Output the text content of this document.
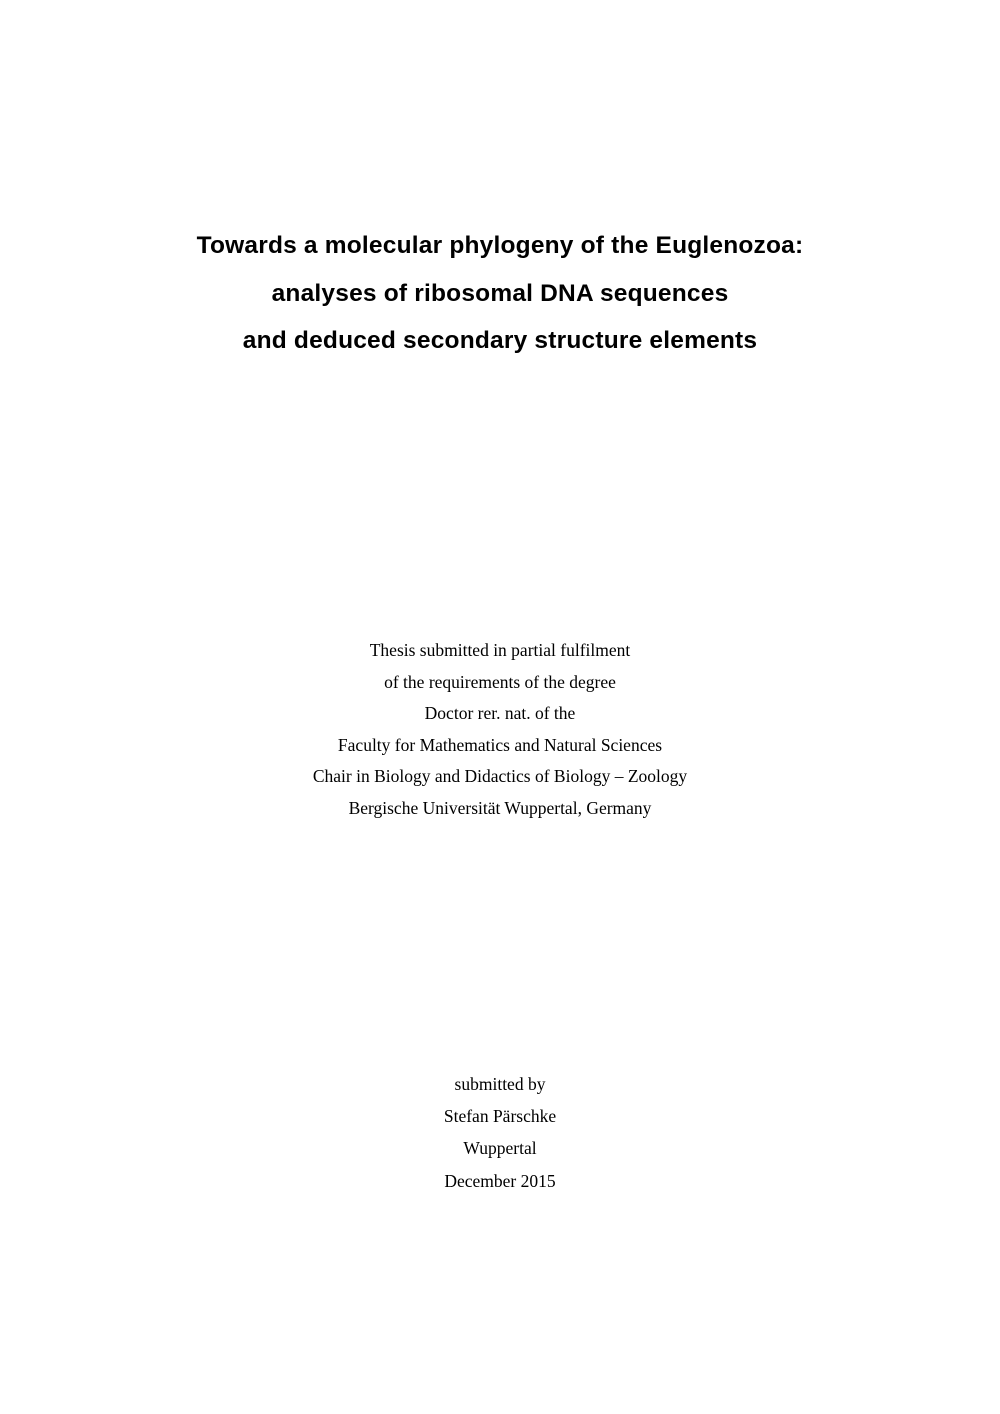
Towards a molecular phylogeny of the Euglenozoa:
analyses of ribosomal DNA sequences
and deduced secondary structure elements
Thesis submitted in partial fulfilment
of the requirements of the degree
Doctor rer. nat. of the
Faculty for Mathematics and Natural Sciences
Chair in Biology and Didactics of Biology – Zoology
Bergische Universität Wuppertal, Germany
submitted by
Stefan Pärschke
Wuppertal
December 2015
